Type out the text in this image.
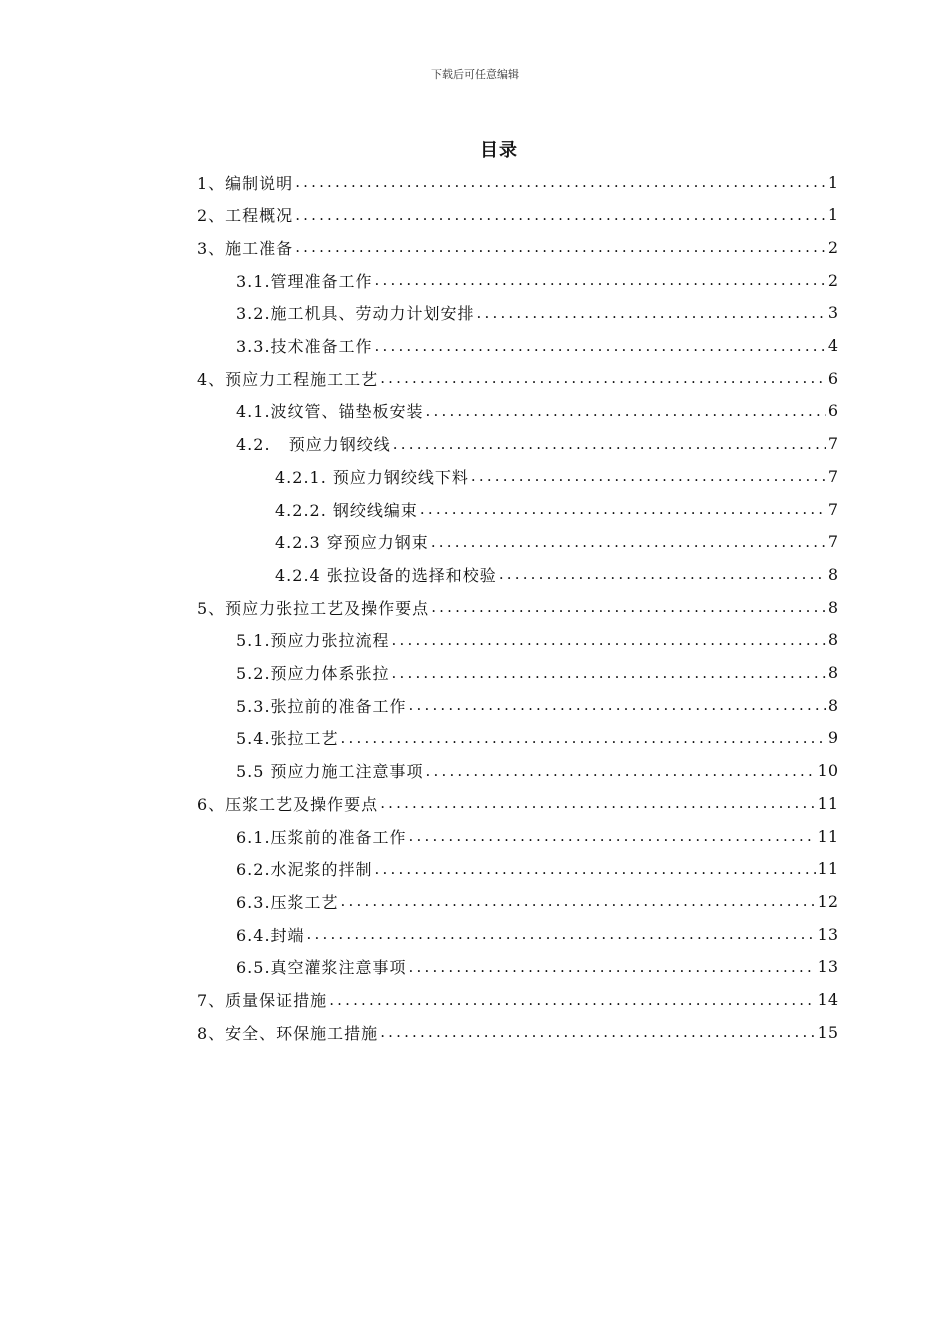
下载后可任意编辑
目录
1、编制说明 .....	1
2、工程概况 .....	1
3、施工准备 .....	2
3.1.管理准备工作 .....	2
3.2.施工机具、劳动力计划安排 .....	3
3.3.技术准备工作 .....	4
4、预应力工程施工工艺 .....	6
4.1.波纹管、锚垫板安装 .....	6
4.2.   预应力钢绞线 .....	7
4.2.1. 预应力钢绞线下料 .....	7
4.2.2. 钢绞线编束 .....	7
4.2.3 穿预应力钢束 .....	7
4.2.4 张拉设备的选择和校验 .....	8
5、预应力张拉工艺及操作要点 .....	8
5.1.预应力张拉流程 .....	8
5.2.预应力体系张拉 .....	8
5.3.张拉前的准备工作 .....	8
5.4.张拉工艺 .....	9
5.5 预应力施工注意事项 .....	10
6、压浆工艺及操作要点 .....	11
6.1.压浆前的准备工作 .....	11
6.2.水泥浆的拌制 .....	11
6.3.压浆工艺 .....	12
6.4.封端 .....	13
6.5.真空灌浆注意事项 .....	13
7、质量保证措施 .....	14
8、安全、环保施工措施 .....	15
